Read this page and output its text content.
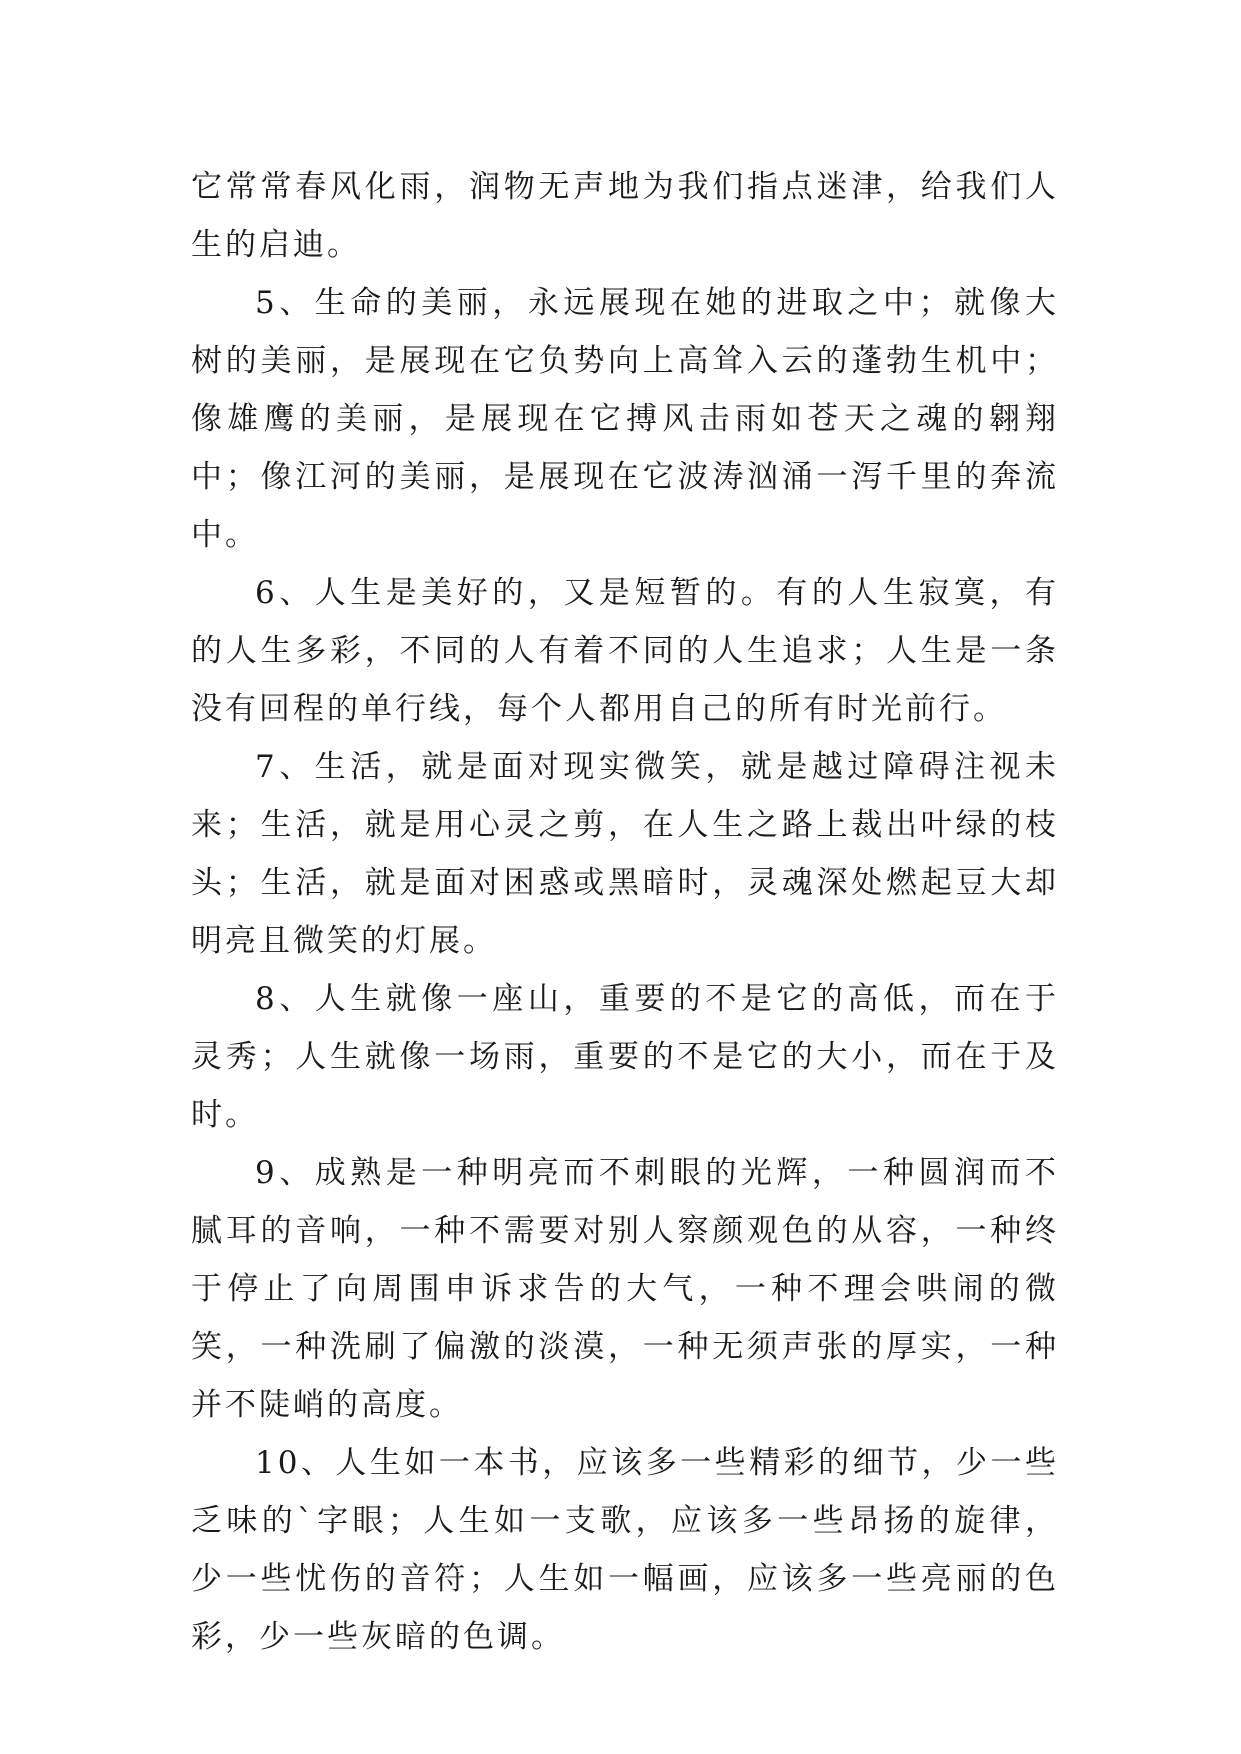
它常常春风化雨，润物无声地为我们指点迷津，给我们人生的启迪。

5、生命的美丽，永远展现在她的进取之中；就像大树的美丽，是展现在它负势向上高耸入云的蓬勃生机中；像雄鹰的美丽，是展现在它搏风击雨如苍天之魂的翱翔中；像江河的美丽，是展现在它波涛汹涌一泻千里的奔流中。

6、人生是美好的，又是短暂的。有的人生寂寞，有的人生多彩，不同的人有着不同的人生追求；人生是一条没有回程的单行线，每个人都用自己的所有时光前行。

7、生活，就是面对现实微笑，就是越过障碍注视未来；生活，就是用心灵之剪，在人生之路上裁出叶绿的枝头；生活，就是面对困惑或黑暗时，灵魂深处燃起豆大却明亮且微笑的灯展。

8、人生就像一座山，重要的不是它的高低，而在于灵秀；人生就像一场雨，重要的不是它的大小，而在于及时。

9、成熟是一种明亮而不刺眼的光辉，一种圆润而不腻耳的音响，一种不需要对别人察颜观色的从容，一种终于停止了向周围申诉求告的大气，一种不理会哄闹的微笑，一种洗刷了偏激的淡漠，一种无须声张的厚实，一种并不陡峭的高度。

10、人生如一本书，应该多一些精彩的细节，少一些乏味的`字眼；人生如一支歌，应该多一些昂扬的旋律，少一些忧伤的音符；人生如一幅画，应该多一些亮丽的色彩，少一些灰暗的色调。
